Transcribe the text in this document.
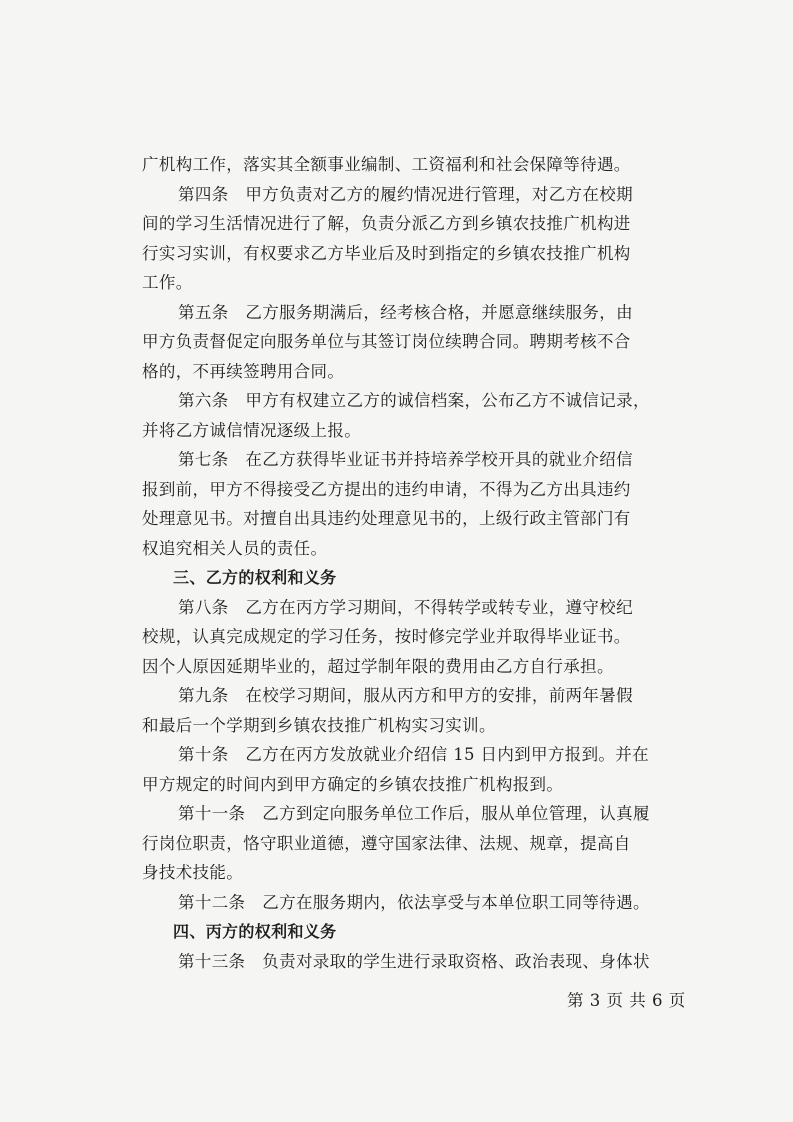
广机构工作，落实其全额事业编制、工资福利和社会保障等待遇。
第四条　甲方负责对乙方的履约情况进行管理，对乙方在校期
间的学习生活情况进行了解，负责分派乙方到乡镇农技推广机构进
行实习实训，有权要求乙方毕业后及时到指定的乡镇农技推广机构
工作。
第五条　乙方服务期满后，经考核合格，并愿意继续服务，由
甲方负责督促定向服务单位与其签订岗位续聘合同。聘期考核不合
格的，不再续签聘用合同。
第六条　甲方有权建立乙方的诚信档案，公布乙方不诚信记录，
并将乙方诚信情况逐级上报。
第七条　在乙方获得毕业证书并持培养学校开具的就业介绍信
报到前，甲方不得接受乙方提出的违约申请，不得为乙方出具违约
处理意见书。对擅自出具违约处理意见书的，上级行政主管部门有
权追究相关人员的责任。
三、乙方的权利和义务
第八条　乙方在丙方学习期间，不得转学或转专业，遵守校纪
校规，认真完成规定的学习任务，按时修完学业并取得毕业证书。
因个人原因延期毕业的，超过学制年限的费用由乙方自行承担。
第九条　在校学习期间，服从丙方和甲方的安排，前两年暑假
和最后一个学期到乡镇农技推广机构实习实训。
第十条　乙方在丙方发放就业介绍信 15 日内到甲方报到。并在
甲方规定的时间内到甲方确定的乡镇农技推广机构报到。
第十一条　乙方到定向服务单位工作后，服从单位管理，认真履
行岗位职责，恪守职业道德，遵守国家法律、法规、规章，提高自
身技术技能。
第十二条　乙方在服务期内，依法享受与本单位职工同等待遇。
四、丙方的权利和义务
第十三条　负责对录取的学生进行录取资格、政治表现、身体状
第 3 页 共 6 页
